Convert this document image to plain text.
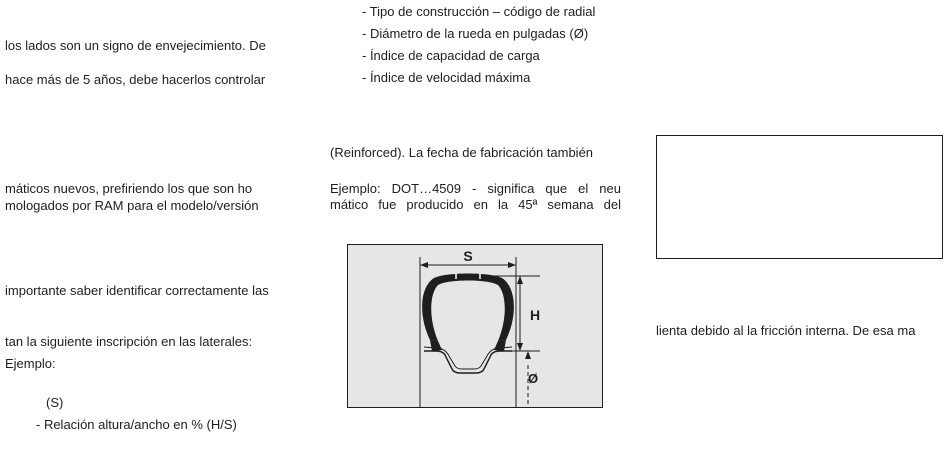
los lados son un signo de envejecimiento. De
hace más de 5 años, debe hacerlos controlar
máticos nuevos, prefiriendo los que son ho
mologados por RAM para el modelo/versión
importante saber identificar correctamente las
tan la siguiente inscripción en las laterales:
Ejemplo:
(S)
- Relación altura/ancho en % (H/S)
- Tipo de construcción – código de radial
- Diámetro de la rueda en pulgadas (Ø)
- Índice de capacidad de carga
- Índice de velocidad máxima
(Reinforced). La fecha de fabricación también
Ejemplo: DOT…4509 - significa que el neu
mático fue producido en la 45ª semana del
S
H
Ø
lienta debido al la fricción interna. De esa ma
